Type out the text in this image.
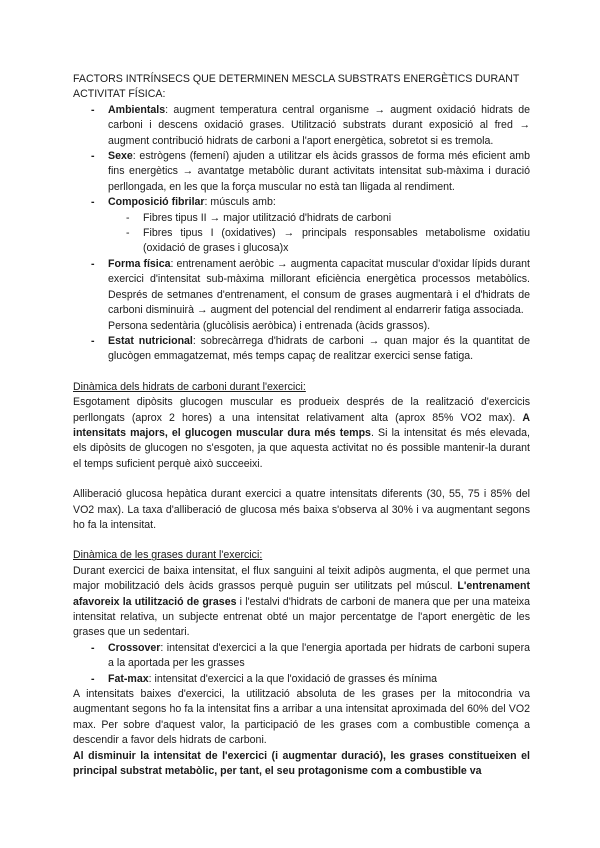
FACTORS INTRÍNSECS QUE DETERMINEN MESCLA SUBSTRATS ENERGÈTICS DURANT ACTIVITAT FÍSICA:

- Ambientals: augment temperatura central organisme → augment oxidació hidrats de carboni i descens oxidació grases. Utilització substrats durant exposició al fred → augment contribució hidrats de carboni a l'aport energètica, sobretot si es tremola.
- Sexe: estrògens (femení) ajuden a utilitzar els àcids grassos de forma més eficient amb fins energètics → avantatge metabòlic durant activitats intensitat sub-màxima i duració perllongada, en les que la força muscular no està tan lligada al rendiment.
- Composició fibrilar: músculs amb:
- Fibres tipus II → major utilització d'hidrats de carboni
- Fibres tipus I (oxidatives) → principals responsables metabolisme oxidatiu (oxidació de grases i glucosa)x
- Forma física: entrenament aeròbic → augmenta capacitat muscular d'oxidar lípids durant exercici d'intensitat sub-màxima millorant eficiència energètica processos metabòlics. Després de setmanes d'entrenament, el consum de grases augmentarà i el d'hidrats de carboni disminuirà → augment del potencial del rendiment al endarrerir fatiga associada.
Persona sedentària (glucòlisis aeròbica) i entrenada (àcids grassos).
- Estat nutricional: sobrecàrrega d'hidrats de carboni → quan major és la quantitat de glucògen emmagatzemat, més temps capaç de realitzar exercici sense fatiga.

Dinàmica dels hidrats de carboni durant l'exercici:

Esgotament dipòsits glucogen muscular es produeix després de la realització d'exercicis perllongats (aprox 2 hores) a una intensitat relativament alta (aprox 85% VO2 max). A intensitats majors, el glucogen muscular dura més temps. Si la intensitat és més elevada, els dipòsits de glucogen no s'esgoten, ja que aquesta activitat no és possible mantenir-la durant el temps suficient perquè això succeeixi.

Alliberació glucosa hepàtica durant exercici a quatre intensitats diferents (30, 55, 75 i 85% del VO2 max). La taxa d'alliberació de glucosa més baixa s'observa al 30% i va augmentant segons ho fa la intensitat.

Dinàmica de les grases durant l'exercici:

Durant exercici de baixa intensitat, el flux sanguini al teixit adipòs augmenta, el que permet una major mobilització dels àcids grassos perquè puguin ser utilitzats pel múscul. L'entrenament afavoreix la utilització de grases i l'estalvi d'hidrats de carboni de manera que per una mateixa intensitat relativa, un subjecte entrenat obté un major percentatge de l'aport energètic de les grases que un sedentari.

- Crossover: intensitat d'exercici a la que l'energia aportada per hidrats de carboni supera a la aportada per les grasses
- Fat-max: intensitat d'exercici a la que l'oxidació de grasses és mínima

A intensitats baixes d'exercici, la utilització absoluta de les grases per la mitocondria va augmentant segons ho fa la intensitat fins a arribar a una intensitat aproximada del 60% del VO2 max. Per sobre d'aquest valor, la participació de les grases com a combustible comença a descendir a favor dels hidrats de carboni.

Al disminuir la intensitat de l'exercici (i augmentar duració), les grases constitueixen el principal substrat metabòlic, per tant, el seu protagonisme com a combustible va
